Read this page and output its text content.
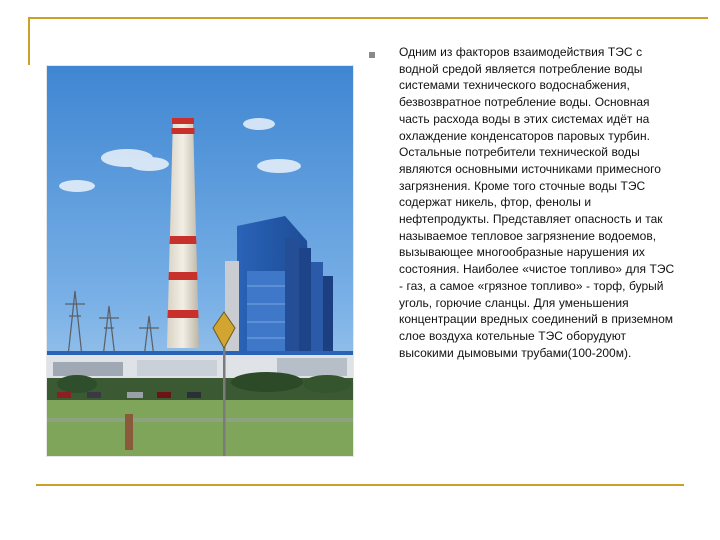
Одним из факторов взаимодействия ТЭС с водной средой является потребление воды системами технического водоснабжения, безвозвратное потребление воды. Основная часть расхода воды в этих системах идёт на охлаждение конденсаторов паровых турбин. Остальные потребители технической воды являются основными источниками примесного загрязнения. Кроме того сточные воды ТЭС содержат никель, фтор, фенолы и нефтепродукты. Представляет опасность и так называемое тепловое загрязнение водоемов, вызывающее многообразные нарушения их состояния. Наиболее «чистое топливо» для ТЭС - газ, а самое «грязное топливо» - торф, бурый уголь, горючие сланцы. Для уменьшения концентрации вредных соединений в приземном слое воздуха котельные ТЭС оборудуют высокими дымовыми трубами(100-200м).
